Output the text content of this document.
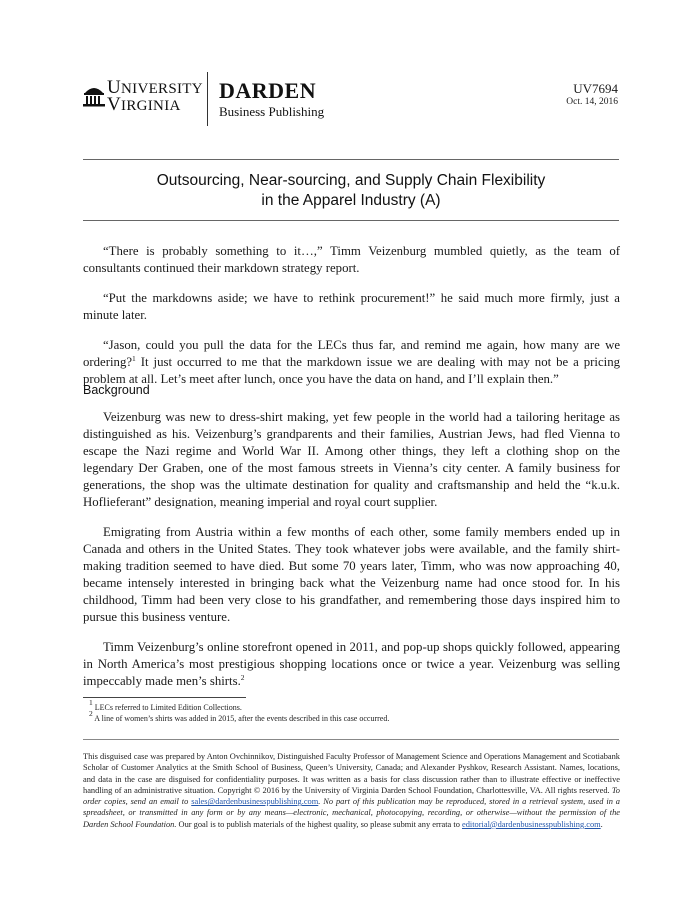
UNIVERSITY
VIRGINIA
DARDEN
Business Publishing
UV7694
Oct. 14, 2016
Outsourcing, Near-sourcing, and Supply Chain Flexibility
in the Apparel Industry (A)

“There is probably something to it…,” Timm Veizenburg mumbled quietly, as the team of consultants continued their markdown strategy report.

“Put the markdowns aside; we have to rethink procurement!” he said much more firmly, just a minute later.

“Jason, could you pull the data for the LECs thus far, and remind me again, how many are we ordering?$^1$ It just occurred to me that the markdown issue we are dealing with may not be a pricing problem at all. Let’s meet after lunch, once you have the data on hand, and I’ll explain then.”

Background

Veizenburg was new to dress-shirt making, yet few people in the world had a tailoring heritage as distinguished as his. Veizenburg’s grandparents and their families, Austrian Jews, had fled Vienna to escape the Nazi regime and World War II. Among other things, they left a clothing shop on the legendary Der Graben, one of the most famous streets in Vienna’s city center. A family business for generations, the shop was the ultimate destination for quality and craftsmanship and held the “k.u.k. Hoflieferant” designation, meaning imperial and royal court supplier.

Emigrating from Austria within a few months of each other, some family members ended up in Canada and others in the United States. They took whatever jobs were available, and the family shirt-making tradition seemed to have died. But some 70 years later, Timm, who was now approaching 40, became intensely interested in bringing back what the Veizenburg name had once stood for. In his childhood, Timm had been very close to his grandfather, and remembering those days inspired him to pursue this business venture.

Timm Veizenburg’s online storefront opened in 2011, and pop-up shops quickly followed, appearing in North America’s most prestigious shopping locations once or twice a year. Veizenburg was selling impeccably made men’s shirts.$^2$

1 LECs referred to Limited Edition Collections.
2 A line of women’s shirts was added in 2015, after the events described in this case occurred.
This disguised case was prepared by Anton Ovchinnikov, Distinguished Faculty Professor of Management Science and Operations Management and Scotiabank Scholar of Customer Analytics at the Smith School of Business, Queen’s University, Canada; and Alexander Pyshkov, Research Assistant. Names, locations, and data in the case are disguised for confidentiality purposes. It was written as a basis for class discussion rather than to illustrate effective or ineffective handling of an administrative situation. Copyright © 2016 by the University of Virginia Darden School Foundation, Charlottesville, VA. All rights reserved. To order copies, send an email to sales@dardenbusinesspublishing.com. No part of this publication may be reproduced, stored in a retrieval system, used in a spreadsheet, or transmitted in any form or by any means—electronic, mechanical, photocopying, recording, or otherwise—without the permission of the Darden School Foundation. Our goal is to publish materials of the highest quality, so please submit any errata to editorial@dardenbusinesspublishing.com.
